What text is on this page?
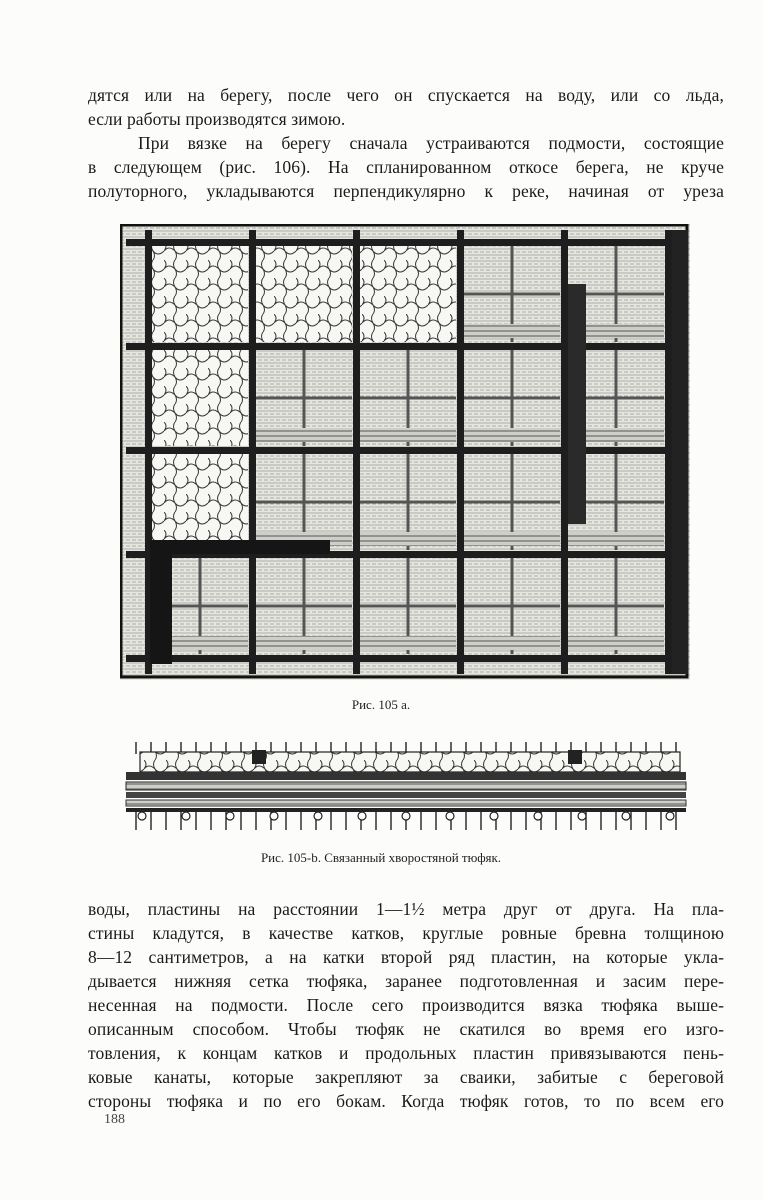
дятся или на берегу, после чего он спускается на воду, или со льда,
если работы производятся зимою.
При вязке на берегу сначала устраиваются подмости, состоящие
в следующем (рис. 106). На спланированном откосе берега, не круче
полуторного, укладываются перпендикулярно к реке, начиная от уреза
Рис. 105 а.
Рис. 105-b. Связанный хворостяной тюфяк.
воды, пластины на расстоянии 1—1½ метра друг от друга. На пла-
стины кладутся, в качестве катков, круглые ровные бревна толщиною
8—12 сантиметров, а на катки второй ряд пластин, на которые укла-
дывается нижняя сетка тюфяка, заранее подготовленная и засим пере-
несенная на подмости. После сего производится вязка тюфяка выше-
описанным способом. Чтобы тюфяк не скатился во время его изго-
товления, к концам катков и продольных пластин привязываются пень-
ковые канаты, которые закрепляют за сваики, забитые с береговой
стороны тюфяка и по его бокам. Когда тюфяк готов, то по всем его
188
